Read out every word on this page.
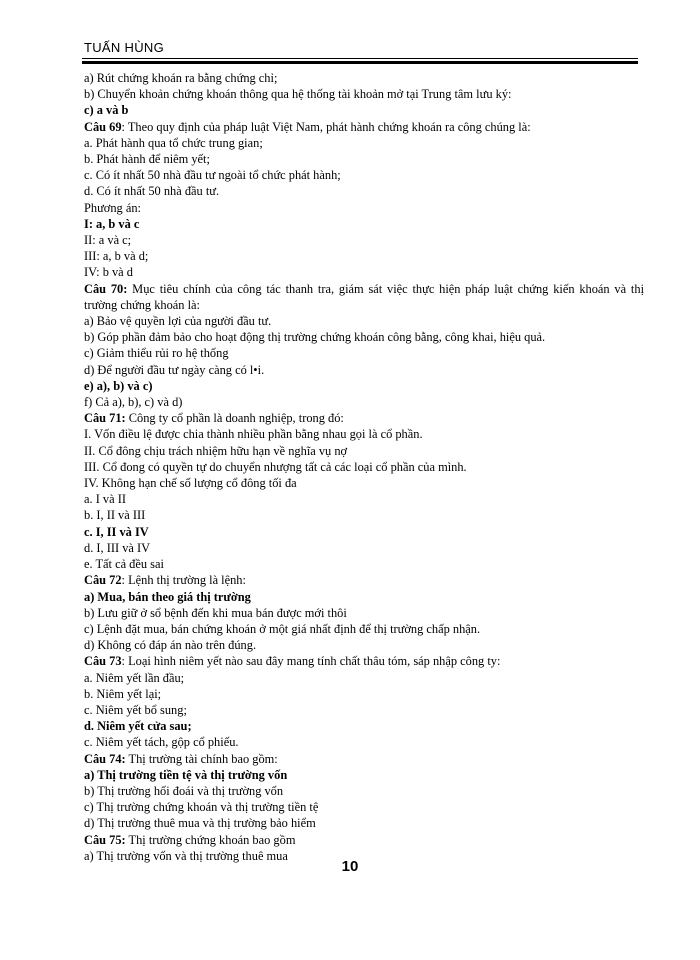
TUẤN HÙNG
a) Rút chứng khoán ra bằng chứng chỉ;
b) Chuyển khoản chứng khoán thông qua hệ thống tài khoản mở tại Trung tâm lưu ký:
c) a và b
Câu 69: Theo quy định của pháp luật Việt Nam, phát hành chứng khoán ra công chúng là:
a. Phát hành qua tổ chức trung gian;
b. Phát hành để niêm yết;
c. Có ít nhất 50 nhà đầu tư ngoài tổ chức phát hành;
d. Có ít nhất 50 nhà đầu tư.
Phương án:
I: a, b và c
II: a và c;
III: a, b và d;
IV: b và d
Câu 70: Mục tiêu chính của công tác thanh tra, giám sát việc thực hiện pháp luật chứng kiến khoán và thị trường chứng khoán là:
a) Bảo vệ quyền lợi của người đầu tư.
b) Góp phần đảm bảo cho hoạt động thị trường chứng khoán công bằng, công khai, hiệu quả.
c) Giảm thiểu rủi ro hệ thống
d) Để người đầu tư ngày càng có l•i.
e) a), b) và c)
f) Cả a), b), c) và d)
Câu 71: Công ty cổ phần là doanh nghiệp, trong đó:
I. Vốn điều lệ được chia thành nhiều phần bằng nhau gọi là cổ phần.
II. Cổ đông chịu trách nhiệm hữu hạn về nghĩa vụ nợ
III. Cổ đong có quyền tự do chuyển nhượng tất cả các loại cổ phần của mình.
IV. Không hạn chế số lượng cổ đông tối đa
a. I và II
b. I, II và III
c. I, II và IV
d. I, III và IV
e. Tất cả đều sai
Câu 72: Lệnh thị trường là lệnh:
a) Mua, bán theo giá thị trường
b) Lưu giữ ở sổ bệnh đến khi mua bán được mới thôi
c) Lệnh đặt mua, bán chứng khoán ở một giá nhất định để thị trường chấp nhận.
d) Không có đáp án nào trên đúng.
Câu 73: Loại hình niêm yết nào sau đây mang tính chất thâu tóm, sáp nhập công ty:
a. Niêm yết lần đầu;
b. Niêm yết lại;
c. Niêm yết bổ sung;
d. Niêm yết cửa sau;
c. Niêm yết tách, gộp cổ phiếu.
Câu 74: Thị trường tài chính bao gồm:
a) Thị trường tiền tệ và thị trường vốn
b) Thị trường hối đoái và thị trường vốn
c) Thị trường chứng khoán và thị trường tiền tệ
d) Thị trường thuê mua và thị trường bảo hiểm
Câu 75: Thị trường chứng khoán bao gồm
a) Thị trường vốn và thị trường thuê mua
10
